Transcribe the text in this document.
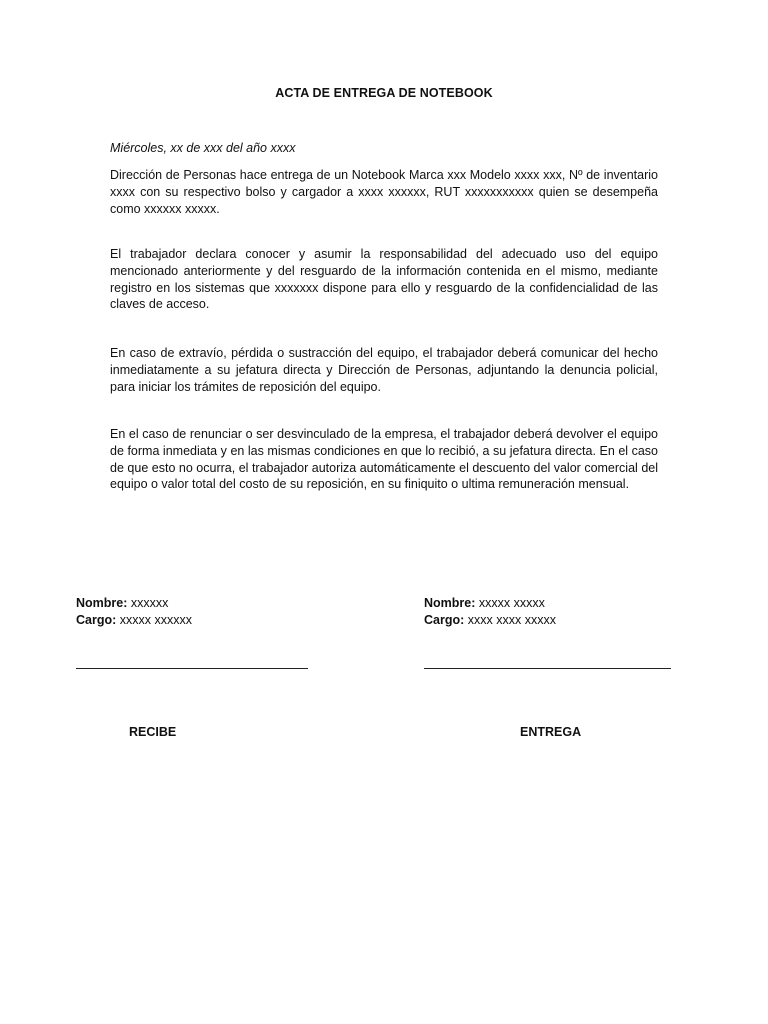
ACTA DE ENTREGA DE NOTEBOOK
Miércoles, xx de xxx del año xxxx

Dirección de Personas hace entrega de un Notebook Marca xxx Modelo xxxx xxx, Nº de inventario xxxx con su respectivo bolso y cargador a xxxx xxxxxx, RUT xxxxxxxxxxx quien se desempeña como xxxxxx xxxxx.

El trabajador declara conocer y asumir la responsabilidad del adecuado uso del equipo mencionado anteriormente y del resguardo de la información contenida en el mismo, mediante registro en los sistemas que xxxxxxx dispone para ello y resguardo de la confidencialidad de las claves de acceso.

En caso de extravío, pérdida o sustracción del equipo, el trabajador deberá comunicar del hecho inmediatamente a su jefatura directa y Dirección de Personas, adjuntando la denuncia policial, para iniciar los trámites de reposición del equipo.

En el caso de renunciar o ser desvinculado de la empresa, el trabajador deberá devolver el equipo de forma inmediata y en las mismas condiciones en que lo recibió, a su jefatura directa. En el caso de que esto no ocurra, el trabajador autoriza automáticamente el descuento del valor comercial del equipo o valor total del costo de su reposición, en su finiquito o ultima remuneración mensual.

Nombre: xxxxxx
Cargo: xxxxx xxxxxx
Nombre: xxxxx xxxxx
Cargo: xxxx xxxx xxxxx
RECIBE	ENTREGA
